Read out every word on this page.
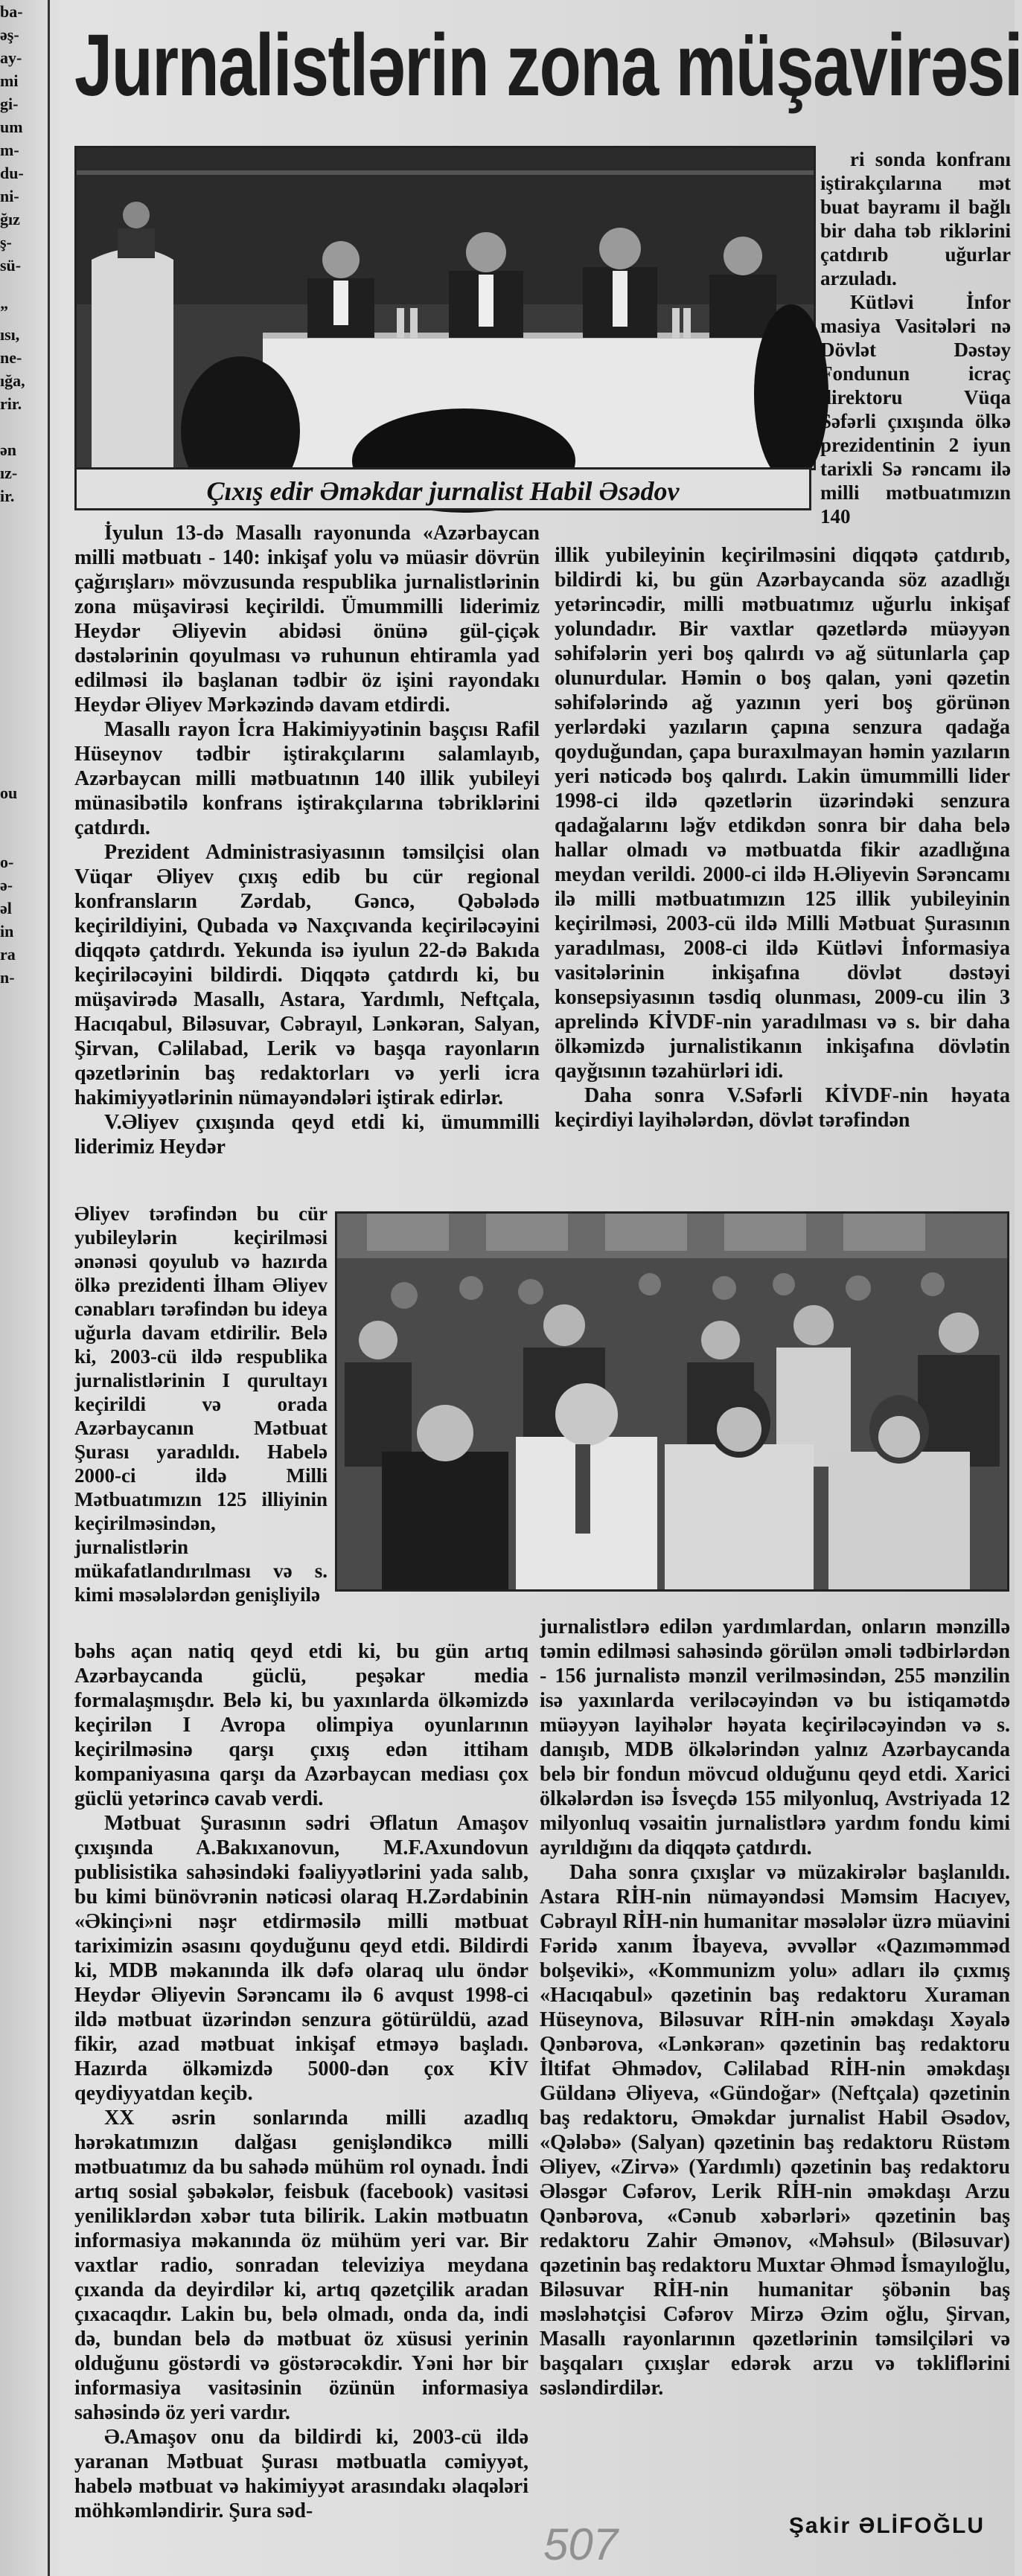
ba-
əş-
ay-
mi
gi-
um
m-
du-
ni-
ğız
ş-
sü-

”
ısı,
ne-
ığa,
rir.

ən
ız-
ir.
Jurnalistlərin zona müşavirəsi
Çıxış edir Əməkdar jurnalist Habil Əsədov

ri sonda konfranı iştirakçılarına mət buat bayramı il bağlı bir daha təb riklərini çatdırıb uğurlar arzuladı.

Kütləvi İnfor masiya Vasitələri nə Dövlət Dəstəy Fondunun icraç direktoru Vüqa Səfərli çıxışında ölkə prezidentinin 2 iyun tarixli Sə rəncamı ilə milli mətbuatımızın 140

İyulun 13-də Masallı rayonunda «Azərbaycan milli mətbuatı - 140: inkişaf yolu və müasir dövrün çağırışları» mövzusunda respublika jurnalistlərinin zona müşavirəsi keçirildi. Ümummilli liderimiz Heydər Əliyevin abidəsi önünə gül-çiçək dəstələrinin qoyulması və ruhunun ehtiramla yad edilməsi ilə başlanan tədbir öz işini rayondakı Heydər Əliyev Mərkəzində davam etdirdi.

Masallı rayon İcra Hakimiyyətinin başçısı Rafil Hüseynov tədbir iştirakçılarını salamlayıb, Azərbaycan milli mətbuatının 140 illik yubileyi münasibətilə konfrans iştirakçılarına təbriklərini çatdırdı.

Prezident Administrasiyasının təmsilçisi olan Vüqar Əliyev çıxış edib bu cür regional konfransların Zərdab, Gəncə, Qəbələdə keçirildiyini, Qubada və Naxçıvanda keçiriləcəyini diqqətə çatdırdı. Yekunda isə iyulun 22-də Bakıda keçiriləcəyini bildirdi. Diqqətə çatdırdı ki, bu müşavirədə Masallı, Astara, Yardımlı, Neftçala, Hacıqabul, Biləsuvar, Cəbrayıl, Lənkəran, Salyan, Şirvan, Cəlilabad, Lerik və başqa rayonların qəzetlərinin baş redaktorları və yerli icra hakimiyyətlərinin nümayəndələri iştirak edirlər.

V.Əliyev çıxışında qeyd etdi ki, ümummilli liderimiz Heydər

illik yubileyinin keçirilməsini diqqətə çatdırıb, bildirdi ki, bu gün Azərbaycanda söz azadlığı yetərincədir, milli mətbuatımız uğurlu inkişaf yolundadır. Bir vaxtlar qəzetlərdə müəyyən səhifələrin yeri boş qalırdı və ağ sütunlarla çap olunurdular. Həmin o boş qalan, yəni qəzetin səhifələrində ağ yazının yeri boş görünən yerlərdəki yazıların çapına senzura qadağa qoyduğundan, çapa buraxılmayan həmin yazıların yeri nəticədə boş qalırdı. Lakin ümummilli lider 1998-ci ildə qəzetlərin üzərindəki senzura qadağalarını ləğv etdikdən sonra bir daha belə hallar olmadı və mətbuatda fikir azadlığına meydan verildi. 2000-ci ildə H.Əliyevin Sərəncamı ilə milli mətbuatımızın 125 illik yubileyinin keçirilməsi, 2003-cü ildə Milli Mətbuat Şurasının yaradılması, 2008-ci ildə Kütləvi İnformasiya vasitələrinin inkişafına dövlət dəstəyi konsepsiyasının təsdiq olunması, 2009-cu ilin 3 aprelində KİVDF-nin yaradılması və s. bir daha ölkəmizdə jurnalistikanın inkişafına dövlətin qayğısının təzahürləri idi.

Daha sonra V.Səfərli KİVDF-nin həyata keçirdiyi layihələrdən, dövlət tərəfindən

Əliyev tərəfindən bu cür yubileylərin keçirilməsi ənənəsi qoyulub və hazırda ölkə prezidenti İlham Əliyev cənabları tərəfindən bu ideya uğurla davam etdirilir. Belə ki, 2003-cü ildə respublika jurnalistlərinin I qurultayı keçirildi və orada Azərbaycanın Mətbuat Şurası yaradıldı. Habelə 2000-ci ildə Milli Mətbuatımızın 125 illiyinin keçirilməsindən, jurnalistlərin mükafatlandırılması və s. kimi məsələlərdən genişliyilə

bəhs açan natiq qeyd etdi ki, bu gün artıq Azərbaycanda güclü, peşəkar media formalaşmışdır. Belə ki, bu yaxınlarda ölkəmizdə keçirilən I Avropa olimpiya oyunlarının keçirilməsinə qarşı çıxış edən ittiham kompaniyasına qarşı da Azərbaycan mediası çox güclü yetərincə cavab verdi.

Mətbuat Şurasının sədri Əflatun Amaşov çıxışında A.Bakıxanovun, M.F.Axundovun publisistika sahəsindəki fəaliyyətlərini yada salıb, bu kimi bünövrənin nəticəsi olaraq H.Zərdabinin «Əkinçi»ni nəşr etdirməsilə milli mətbuat tariximizin əsasını qoyduğunu qeyd etdi. Bildirdi ki, MDB məkanında ilk dəfə olaraq ulu öndər Heydər Əliyevin Sərəncamı ilə 6 avqust 1998-ci ildə mətbuat üzərindən senzura götürüldü, azad fikir, azad mətbuat inkişaf etməyə başladı. Hazırda ölkəmizdə 5000-dən çox KİV qeydiyyatdan keçib.

XX əsrin sonlarında milli azadlıq hərəkatımızın dalğası genişləndikcə milli mətbuatımız da bu sahədə mühüm rol oynadı. İndi artıq sosial şəbəkələr, feisbuk (facebook) vasitəsi yeniliklərdən xəbər tuta bilirik. Lakin mətbuatın informasiya məkanında öz mühüm yeri var. Bir vaxtlar radio, sonradan televiziya meydana çıxanda da deyirdilər ki, artıq qəzetçilik aradan çıxacaqdır. Lakin bu, belə olmadı, onda da, indi də, bundan belə də mətbuat öz xüsusi yerinin olduğunu göstərdi və göstərəcəkdir. Yəni hər bir informasiya vasitəsinin özünün informasiya sahəsində öz yeri vardır.

Ə.Amaşov onu da bildirdi ki, 2003-cü ildə yaranan Mətbuat Şurası mətbuatla cəmiyyət, habelə mətbuat və hakimiyyət arasındakı əlaqələri möhkəmləndirir. Şura səd-

jurnalistlərə edilən yardımlardan, onların mənzillə təmin edilməsi sahəsində görülən əməli tədbirlərdən - 156 jurnalistə mənzil verilməsindən, 255 mənzilin isə yaxınlarda veriləcəyindən və bu istiqamətdə müəyyən layihələr həyata keçiriləcəyindən və s. danışıb, MDB ölkələrindən yalnız Azərbaycanda belə bir fondun mövcud olduğunu qeyd etdi. Xarici ölkələrdən isə İsveçdə 155 milyonluq, Avstriyada 12 milyonluq vəsaitin jurnalistlərə yardım fondu kimi ayrıldığını da diqqətə çatdırdı.

Daha sonra çıxışlar və müzakirələr başlanıldı. Astara RİH-nin nümayəndəsi Məmsim Hacıyev, Cəbrayıl RİH-nin humanitar məsələlər üzrə müavini Fəridə xanım İbayeva, əvvəllər «Qazıməmməd bolşeviki», «Kommunizm yolu» adları ilə çıxmış «Hacıqabul» qəzetinin baş redaktoru Xuraman Hüseynova, Biləsuvar RİH-nin əməkdaşı Xəyalə Qənbərova, «Lənkəran» qəzetinin baş redaktoru İltifat Əhmədov, Cəlilabad RİH-nin əməkdaşı Güldanə Əliyeva, «Gündoğar» (Neftçala) qəzetinin baş redaktoru, Əməkdar jurnalist Habil Əsədov, «Qələbə» (Salyan) qəzetinin baş redaktoru Rüstəm Əliyev, «Zirvə» (Yardımlı) qəzetinin baş redaktoru Ələsgər Cəfərov, Lerik RİH-nin əməkdaşı Arzu Qənbərova, «Cənub xəbərləri» qəzetinin baş redaktoru Zahir Əmənov, «Məhsul» (Biləsuvar) qəzetinin baş redaktoru Muxtar Əhməd İsmayıloğlu, Biləsuvar RİH-nin humanitar şöbənin baş məsləhətçisi Cəfərov Mirzə Əzim oğlu, Şirvan, Masallı rayonlarının qəzetlərinin təmsilçiləri və başqaları çıxışlar edərək arzu və təkliflərini səsləndirdilər.

507	Şakir ƏLİFOĞLU
ou

o-
ə-
əl
in
ra
n-
